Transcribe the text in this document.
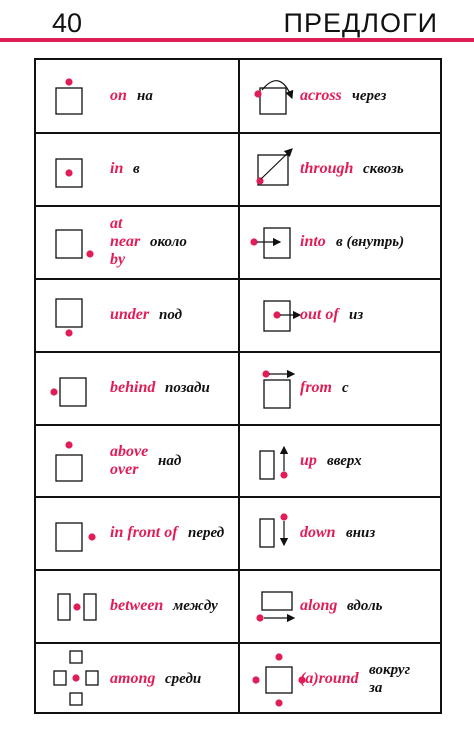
40	ПРЕДЛОГИ
on на
in в
at
near
by
около
under под
behind позади
above
over	над
in front of перед
between между
among среди
across через
through сквозь
into в (внутрь)
out of из
from с
up вверх
down вниз
along вдоль
(a)round вокруг
за
